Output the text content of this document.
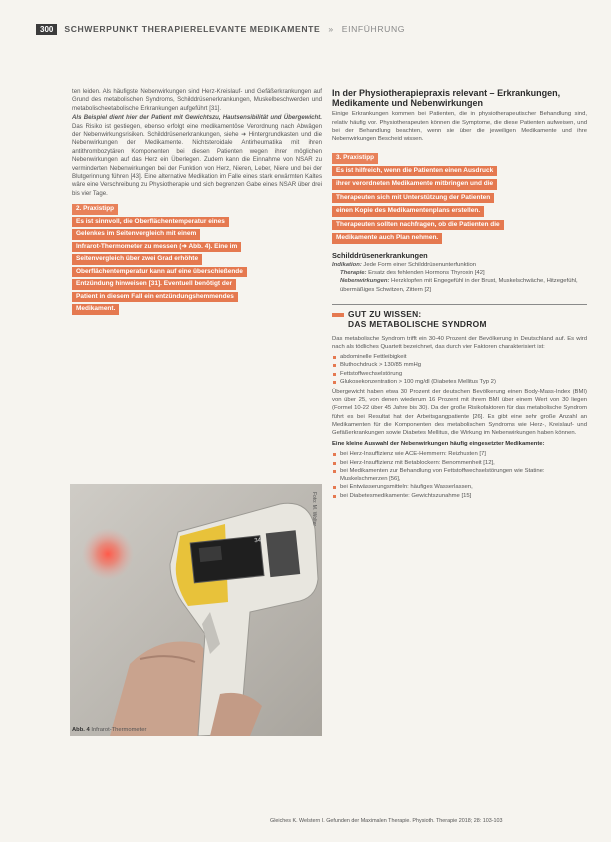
300	SCHWERPUNKT THERAPIERELEVANTE MEDIKAMENTE » EINFÜHRUNG

ten leiden. Als häufigste Nebenwirkungen sind Herz-Kreislauf- und Gefäßerkrankungen auf Grund des metabolischen Syndroms, Schilddrüsenerkrankungen, Muskelbeschwerden und metabolischeetabolische Erkrankungen aufgeführt [31].

Als Beispiel dient hier der Patient mit Gewichtszu, Hautsensibilität und Übergewicht. Das Risiko ist gestiegen, ebenso erfolgt eine medikamentöse Verordnung nach Abwägen der Nebenwirkungsrisiken. Schilddrüsenerkrankungen, siehe ➜ Hintergrundkasten und die Nebenwirkungen der Medikamente. Nichtsteroidale Antirheumatika mit ihren antithrombozytären Komponenten bei diesen Patienten wegen ihrer möglichen Nebenwirkungen auf das Herz ein Überlegen. Zudem kann die Einnahme von NSAR zu verminderten Nebenwirkungen bei der Funktion von Herz, Nieren, Leber, Niere und bei der Blutgerinnung führen [43]. Eine alternative Medikation im Falle eines stark erwärmten Kaltes wäre eine Verschreibung zu Physiotherapie und sich begrenzen Gabe eines NSAR über drei bis vier Tage.

2. Praxistipp
Es ist sinnvoll, die Oberflächentemperatur eines
Gelenkes im Seitenvergleich mit einem
Infrarot-Thermometer zu messen (➜ Abb. 4). Eine im
Seitenvergleich über zwei Grad erhöhte
Oberflächentemperatur kann auf eine überschießende
Entzündung hinweisen [31]. Eventuell benötigt der
Patient in diesem Fall ein entzündungshemmendes
Medikament.
34
Foto: M. Wolter
Abb. 4 Infrarot-Thermometer
In der Physiotherapiepraxis relevant – Erkrankungen, Medikamente und Nebenwirkungen

Einige Erkrankungen kommen bei Patienten, die in physiotherapeutischer Behandlung sind, relativ häufig vor. Physiotherapeuten können die Symptome, die diese Patienten aufweisen, und bei der Behandlung beachten, wenn sie über die jeweiligen Medikamente und ihre Nebenwirkungen Bescheid wissen.

3. Praxistipp
Es ist hilfreich, wenn die Patienten einen Ausdruck
ihrer verordneten Medikamente mitbringen und die
Therapeuten sich mit Unterstützung der Patienten
einen Kopie des Medikamentenplans erstellen.
Therapeuten sollten nachfragen, ob die Patienten die
Medikamente auch Plan nehmen.
Schilddrüsenerkrankungen

Indikation: Jede Form einer Schilddrüsenunterfunktion

Therapie: Ersatz des fehlenden Hormons Thyroxin [42]

Nebenwirkungen: Herzklopfen mit Engegefühl in der Brust, Muskelschwäche, Hitzegefühl, übermäßiges Schwitzen, Zittern [2]

GUT ZU WISSEN:
DAS METABOLISCHE SYNDROM

Das metabolische Syndrom trifft ein 30-40 Prozent der Bevölkerung in Deutschland auf. Es wird nach als tödliches Quartett bezeichnet, das durch vier Faktoren charakterisiert ist:

abdominelle Fettleibigkeit
Bluthochdruck > 130/85 mmHg
Fettstoffwechselstörung
Glukosekonzentration > 100 mg/dl (Diabetes Mellitus Typ 2)

Übergewicht haben etwa 30 Prozent der deutschen Bevölkerung einen Body-Mass-Index (BMI) von über 25, von denen wiederum 16 Prozent mit ihrem BMI über einem Wert von 30 liegen (Formel 10-22 über 45 Jahre bis 30). Da der große Risikofaktoren für das metabolische Syndrom führt es bei Resultat hat der Arbeitsgangpatiente [26]. Es gibt eine sehr große Anzahl an Medikamenten für die Komponenten des metabolischen Syndroms wie Herz-, Kreislauf- und Gefäßerkrankungen sowie Diabetes Mellitus, die Wirkung im Nebenwirkungen haben können.

Eine kleine Auswahl der Nebenwirkungen häufig eingesetzter Medikamente:

bei Herz-Insuffizienz wie ACE-Hemmern: Reizhusten [7]
bei Herz-Insuffizienz mit Betablockern: Benommenheit [12],
bei Medikamenten zur Behandlung von Fettstoffwechselstörungen wie Statine: Muskelschmerzen [56],
bei Entwässerungsmitteln: häufiges Wasserlassen,
bei Diabetesmedikamente: Gewichtszunahme [15]
Gleiches K. Welstern I. Gefunden der Maximalen Therapie. Physioth. Therapie 2018; 28: 103-103
